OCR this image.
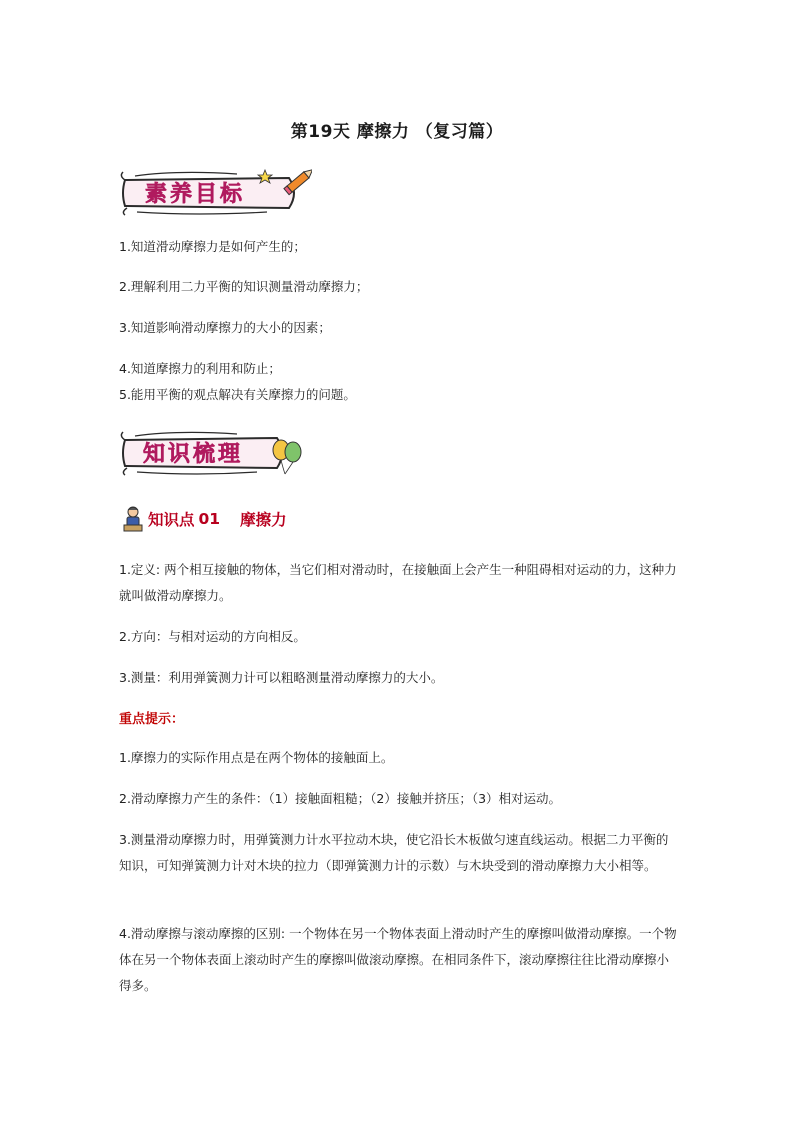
第19天 摩擦力 （复习篇）
素养目标

1.知道滑动摩擦力是如何产生的；

2.理解利用二力平衡的知识测量滑动摩擦力；

3.知道影响滑动摩擦力的大小的因素；

4.知道摩擦力的利用和防止；

5.能用平衡的观点解决有关摩擦力的问题。

知识梳理
知识点 01 摩擦力

1.定义: 两个相互接触的物体，当它们相对滑动时，在接触面上会产生一种阻碍相对运动的力，这种力就叫做滑动摩擦力。

2.方向：与相对运动的方向相反。

3.测量：利用弹簧测力计可以粗略测量滑动摩擦力的大小。

重点提示：

1.摩擦力的实际作用点是在两个物体的接触面上。

2.滑动摩擦力产生的条件：（1）接触面粗糙；（2）接触并挤压；（3）相对运动。

3.测量滑动摩擦力时，用弹簧测力计水平拉动木块，使它沿长木板做匀速直线运动。根据二力平衡的知识，可知弹簧测力计对木块的拉力（即弹簧测力计的示数）与木块受到的滑动摩擦力大小相等。

4.滑动摩擦与滚动摩擦的区别: 一个物体在另一个物体表面上滑动时产生的摩擦叫做滑动摩擦。一个物体在另一个物体表面上滚动时产生的摩擦叫做滚动摩擦。在相同条件下，滚动摩擦往往比滑动摩擦小得多。
